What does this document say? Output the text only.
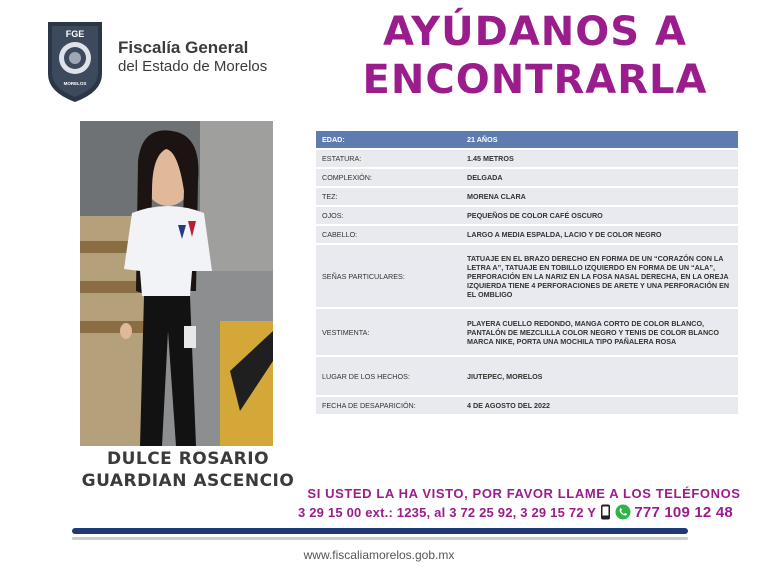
FGE
MORELOS
Fiscalía General
del Estado de Morelos
AYÚDANOS A
ENCONTRARLA
DULCE ROSARIO
GUARDIAN ASCENCIO
EDAD:	21 AÑOS
ESTATURA:	1.45 METROS
COMPLEXIÓN:	DELGADA
TEZ:	MORENA CLARA
OJOS:	PEQUEÑOS DE COLOR CAFÉ OSCURO
CABELLO:	LARGO A MEDIA ESPALDA, LACIO Y DE COLOR NEGRO
SEÑAS PARTICULARES:	TATUAJE EN EL BRAZO DERECHO EN FORMA DE UN “CORAZÓN CON LA LETRA A”, TATUAJE EN TOBILLO IZQUIERDO EN FORMA DE UN “ALA”, PERFORACIÓN EN LA NARIZ EN LA FOSA NASAL DERECHA, EN LA OREJA IZQUIERDA TIENE 4 PERFORACIONES DE ARETE Y UNA PERFORACIÓN EN EL OMBLIGO
VESTIMENTA:	PLAYERA CUELLO REDONDO, MANGA CORTO DE COLOR BLANCO, PANTALÓN DE MEZCLILLA COLOR NEGRO Y TENIS DE COLOR BLANCO MARCA NIKE, PORTA UNA MOCHILA TIPO PAÑALERA ROSA
LUGAR DE LOS HECHOS:	JIUTEPEC, MORELOS
FECHA DE DESAPARICIÓN:	4 DE AGOSTO DEL 2022
SI USTED LA HA VISTO, POR FAVOR LLAME A LOS TELÉFONOS
3 29 15 00 ext.: 1235, al 3 72 25 92, 3 29 15 72 Y	777 109 12 48
www.fiscaliamorelos.gob.mx
